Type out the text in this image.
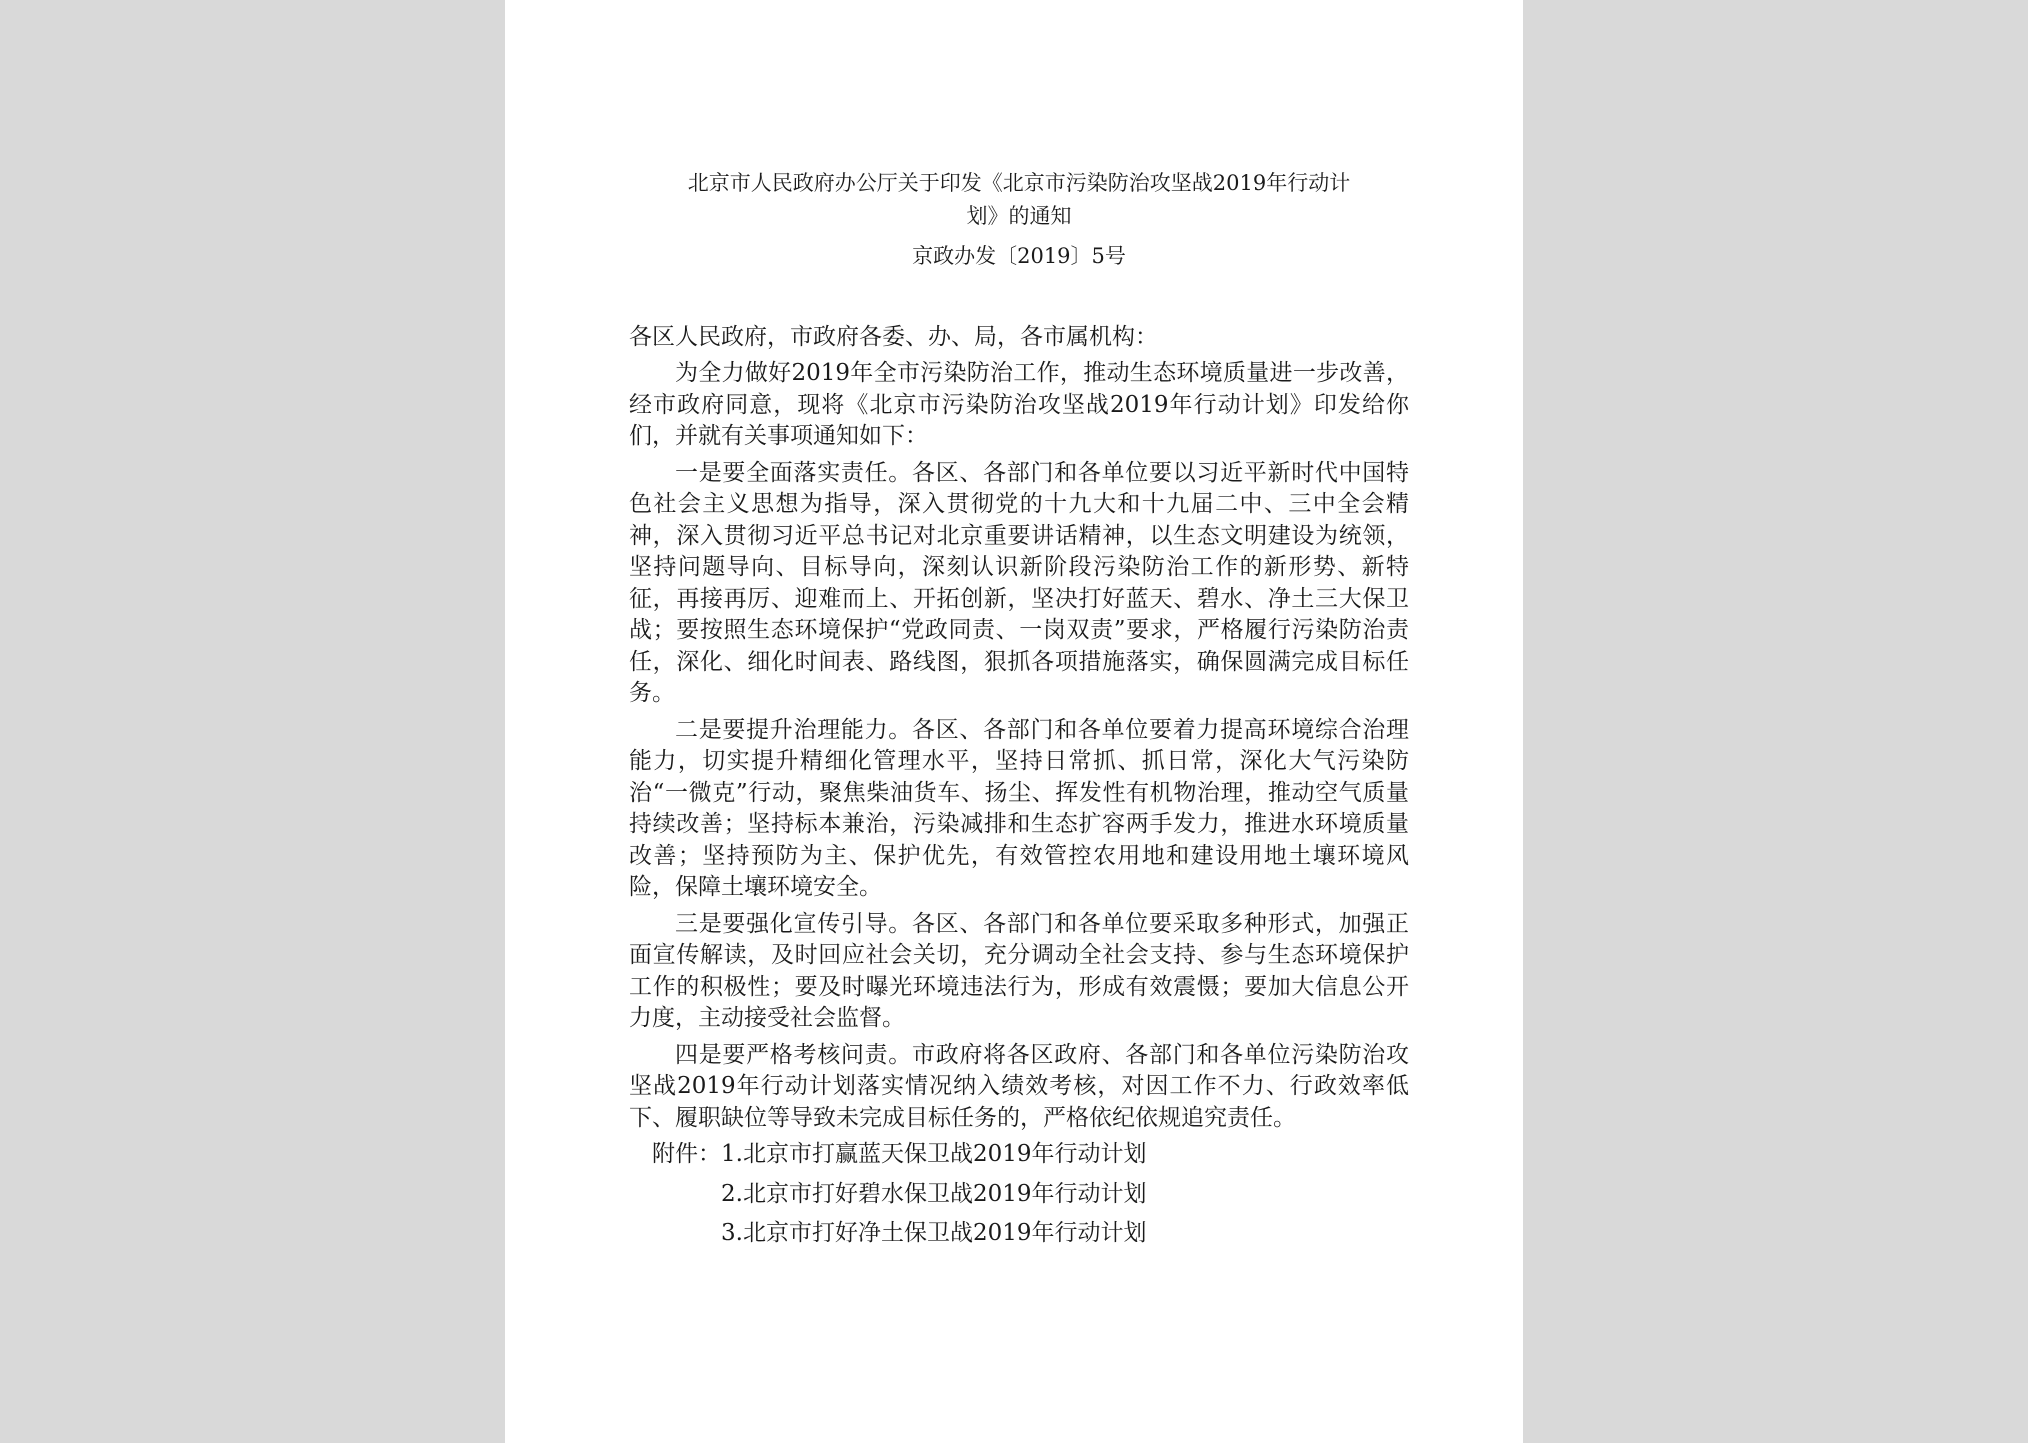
北京市人民政府办公厅关于印发《北京市污染防治攻坚战2019年行动计
划》的通知
京政办发〔2019〕5号
各区人民政府，市政府各委、办、局，各市属机构：

为全力做好2019年全市污染防治工作，推动生态环境质量进一步改善，经市政府同意，现将《北京市污染防治攻坚战2019年行动计划》印发给你们，并就有关事项通知如下：

一是要全面落实责任。各区、各部门和各单位要以习近平新时代中国特色社会主义思想为指导，深入贯彻党的十九大和十九届二中、三中全会精神，深入贯彻习近平总书记对北京重要讲话精神，以生态文明建设为统领，坚持问题导向、目标导向，深刻认识新阶段污染防治工作的新形势、新特征，再接再厉、迎难而上、开拓创新，坚决打好蓝天、碧水、净土三大保卫战；要按照生态环境保护“党政同责、一岗双责”要求，严格履行污染防治责任，深化、细化时间表、路线图，狠抓各项措施落实，确保圆满完成目标任务。

二是要提升治理能力。各区、各部门和各单位要着力提高环境综合治理能力，切实提升精细化管理水平，坚持日常抓、抓日常，深化大气污染防治“一微克”行动，聚焦柴油货车、扬尘、挥发性有机物治理，推动空气质量持续改善；坚持标本兼治，污染减排和生态扩容两手发力，推进水环境质量改善；坚持预防为主、保护优先，有效管控农用地和建设用地土壤环境风险，保障土壤环境安全。

三是要强化宣传引导。各区、各部门和各单位要采取多种形式，加强正面宣传解读，及时回应社会关切，充分调动全社会支持、参与生态环境保护工作的积极性；要及时曝光环境违法行为，形成有效震慑；要加大信息公开力度，主动接受社会监督。

四是要严格考核问责。市政府将各区政府、各部门和各单位污染防治攻坚战2019年行动计划落实情况纳入绩效考核，对因工作不力、行政效率低下、履职缺位等导致未完成目标任务的，严格依纪依规追究责任。

附件：1.北京市打赢蓝天保卫战2019年行动计划
2.北京市打好碧水保卫战2019年行动计划
3.北京市打好净土保卫战2019年行动计划
